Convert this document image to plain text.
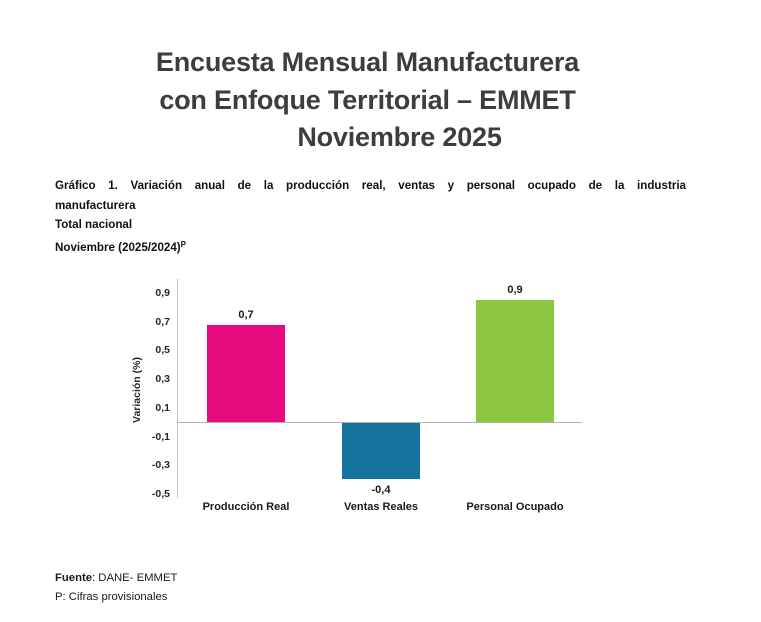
Encuesta Mensual Manufacturera
con Enfoque Territorial – EMMET
Noviembre 2025
Gráfico 1. Variación anual de la producción real, ventas y personal ocupado de la industria
manufacturera
Total nacional
Noviembre $(2025/2024)^P$
Variación (%)
0,9
0,7
0,5
0,3
0,1
-0,1
-0,3
-0,5
0,7
Producción Real
-0,4
Ventas Reales
0,9
Personal Ocupado
Fuente: DANE- EMMET
P: Cifras provisionales
